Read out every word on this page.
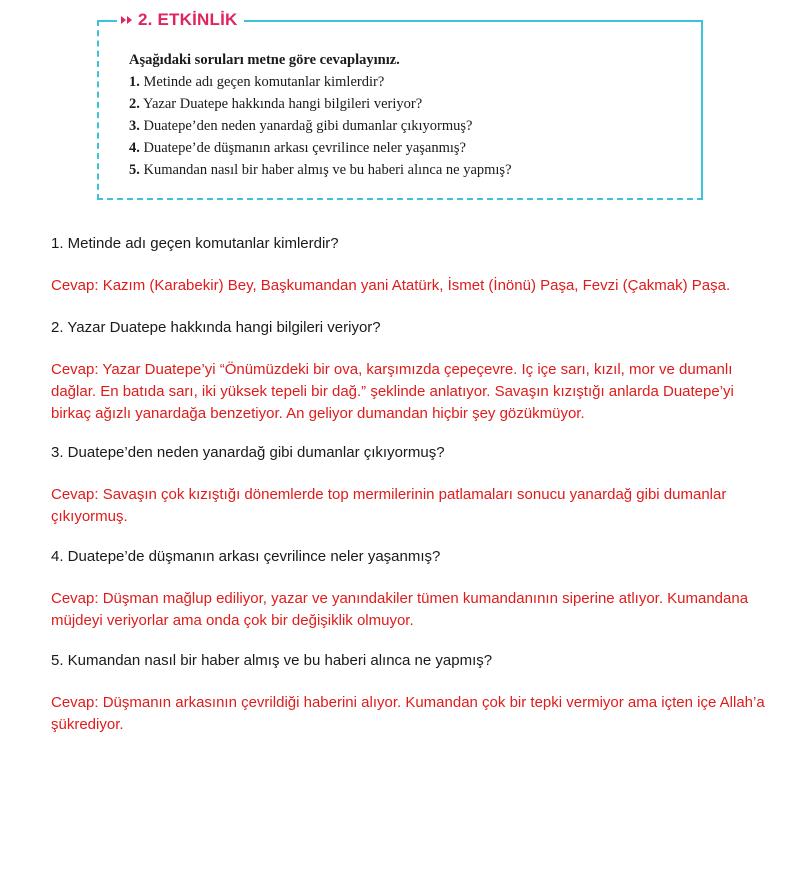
2. ETKİNLİK

Aşağıdaki soruları metne göre cevaplayınız.

1. Metinde adı geçen komutanlar kimlerdir?

2. Yazar Duatepe hakkında hangi bilgileri veriyor?

3. Duatepe’den neden yanardağ gibi dumanlar çıkıyormuş?

4. Duatepe’de düşmanın arkası çevrilince neler yaşanmış?

5. Kumandan nasıl bir haber almış ve bu haberi alınca ne yapmış?

1. Metinde adı geçen komutanlar kimlerdir?

Cevap: Kazım (Karabekir) Bey, Başkumandan yani Atatürk, İsmet (İnönü) Paşa, Fevzi (Çakmak) Paşa.

2. Yazar Duatepe hakkında hangi bilgileri veriyor?

Cevap: Yazar Duatepe’yi “Önümüzdeki bir ova, karşımızda çepeçevre. Iç içe sarı, kızıl, mor ve dumanlı dağlar. En batıda sarı, iki yüksek tepeli bir dağ.” şeklinde anlatıyor. Savaşın kızıştığı anlarda Duatepe’yi birkaç ağızlı yanardağa benzetiyor. An geliyor dumandan hiçbir şey gözükmüyor.

3. Duatepe’den neden yanardağ gibi dumanlar çıkıyormuş?

Cevap: Savaşın çok kızıştığı dönemlerde top mermilerinin patlamaları sonucu yanardağ gibi dumanlar çıkıyormuş.

4. Duatepe’de düşmanın arkası çevrilince neler yaşanmış?

Cevap: Düşman mağlup ediliyor, yazar ve yanındakiler tümen kumandanının siperine atlıyor. Kumandana müjdeyi veriyorlar ama onda çok bir değişiklik olmuyor.

5. Kumandan nasıl bir haber almış ve bu haberi alınca ne yapmış?

Cevap: Düşmanın arkasının çevrildiği haberini alıyor. Kumandan çok bir tepki vermiyor ama içten içe Allah’a şükrediyor.
